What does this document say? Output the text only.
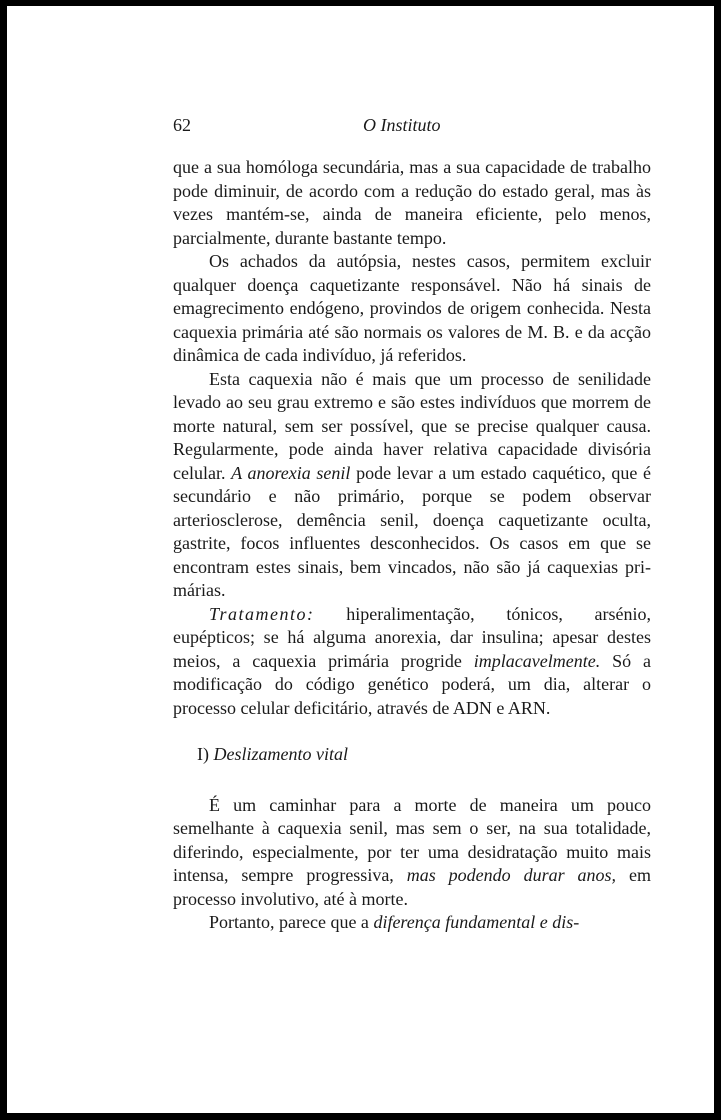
62	O Instituto

que a sua homóloga secundária, mas a sua capacidade de trabalho pode diminuir, de acordo com a redução do estado geral, mas às vezes mantém-se, ainda de maneira eficiente, pelo menos, parcialmente, durante bastante tempo.

Os achados da autópsia, nestes casos, permitem excluir qualquer doença caquetizante responsável. Não há sinais de emagrecimento endógeno, provindos de origem conhecida. Nesta caquexia primária até são normais os valores de M. B. e da acção dinâmica de cada indivíduo, já referidos.

Esta caquexia não é mais que um processo de senilidade levado ao seu grau extremo e são estes indivíduos que morrem de morte natural, sem ser possível, que se precise qualquer causa. Regularmente, pode ainda haver relativa capacidade divisória celular. A anorexia senil pode levar a um estado caquético, que é secundário e não primário, porque se podem observar arteriosclerose, demência senil, doença caquetizante oculta, gastrite, focos influentes desconhecidos. Os casos em que se encontram estes sinais, bem vincados, não são já caquexias primárias.

Tratamento: hiperalimentação, tónicos, arsénio, eupépticos; se há alguma anorexia, dar insulina; apesar destes meios, a caquexia primária progride implacavelmente. Só a modificação do código genético poderá, um dia, alterar o processo celular deficitário, através de ADN e ARN.

I) Deslizamento vital

É um caminhar para a morte de maneira um pouco semelhante à caquexia senil, mas sem o ser, na sua totalidade, diferindo, especialmente, por ter uma desidratação muito mais intensa, sempre progressiva, mas podendo durar anos, em processo involutivo, até à morte.

Portanto, parece que a diferença fundamental e dis-
